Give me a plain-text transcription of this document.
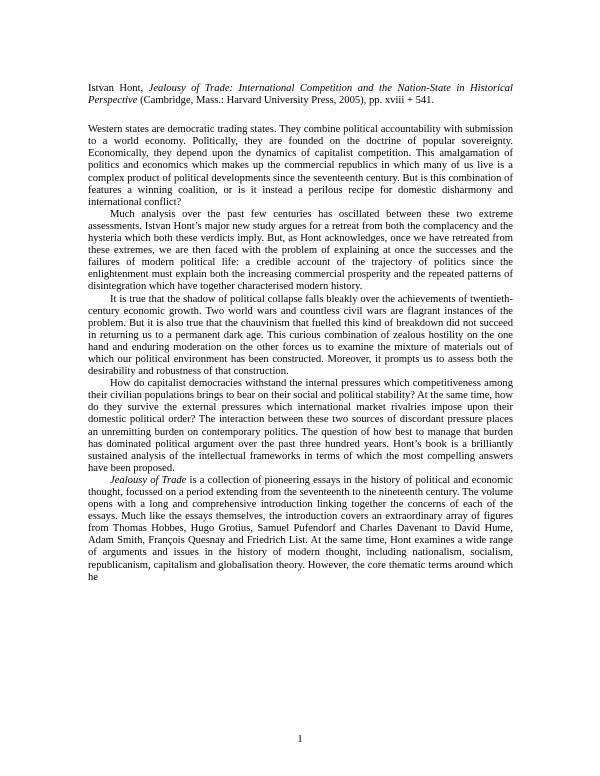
Istvan Hont, Jealousy of Trade: International Competition and the Nation-State in Historical Perspective (Cambridge, Mass.: Harvard University Press, 2005), pp. xviii + 541.

Western states are democratic trading states. They combine political accountability with submission to a world economy. Politically, they are founded on the doctrine of popular sovereignty. Economically, they depend upon the dynamics of capitalist competition. This amalgamation of politics and economics which makes up the commercial republics in which many of us live is a complex product of political developments since the seventeenth century. But is this combination of features a winning coalition, or is it instead a perilous recipe for domestic disharmony and international conflict?

Much analysis over the past few centuries has oscillated between these two extreme assessments. Istvan Hont’s major new study argues for a retreat from both the complacency and the hysteria which both these verdicts imply. But, as Hont acknowledges, once we have retreated from these extremes, we are then faced with the problem of explaining at once the successes and the failures of modern political life: a credible account of the trajectory of politics since the enlightenment must explain both the increasing commercial prosperity and the repeated patterns of disintegration which have together characterised modern history.

It is true that the shadow of political collapse falls bleakly over the achievements of twentieth-century economic growth. Two world wars and countless civil wars are flagrant instances of the problem. But it is also true that the chauvinism that fuelled this kind of breakdown did not succeed in returning us to a permanent dark age. This curious combination of zealous hostility on the one hand and enduring moderation on the other forces us to examine the mixture of materials out of which our political environment has been constructed. Moreover, it prompts us to assess both the desirability and robustness of that construction.

How do capitalist democracies withstand the internal pressures which competitiveness among their civilian populations brings to bear on their social and political stability? At the same time, how do they survive the external pressures which international market rivalries impose upon their domestic political order? The interaction between these two sources of discordant pressure places an unremitting burden on contemporary politics. The question of how best to manage that burden has dominated political argument over the past three hundred years. Hont’s book is a brilliantly sustained analysis of the intellectual frameworks in terms of which the most compelling answers have been proposed.

Jealousy of Trade is a collection of pioneering essays in the history of political and economic thought, focussed on a period extending from the seventeenth to the nineteenth century. The volume opens with a long and comprehensive introduction linking together the concerns of each of the essays. Much like the essays themselves, the introduction covers an extraordinary array of figures from Thomas Hobbes, Hugo Grotius, Samuel Pufendorf and Charles Davenant to David Hume, Adam Smith, François Quesnay and Friedrich List. At the same time, Hont examines a wide range of arguments and issues in the history of modern thought, including nationalism, socialism, republicanism, capitalism and globalisation theory. However, the core thematic terms around which he

1
